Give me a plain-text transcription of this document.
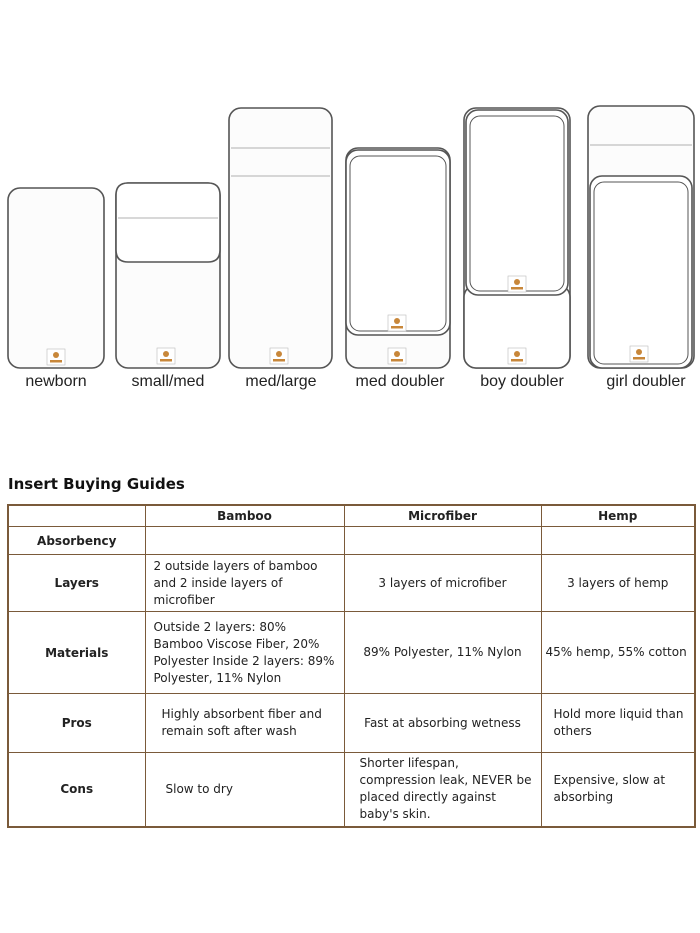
newborn	small/med	med/large med doubler boy doubler	girl doubler
Insert Buying Guides
	Bamboo	Microfiber	Hemp
Absorbency			
Layers	2 outside layers of bamboo and 2 inside layers of microfiber	3 layers of microfiber	3 layers of hemp
Materials	Outside 2 layers: 80% Bamboo Viscose Fiber, 20% Polyester Inside 2 layers: 89% Polyester, 11% Nylon	89% Polyester, 11% Nylon	45% hemp, 55% cotton
Pros	Highly absorbent fiber and remain soft after wash	Fast at absorbing wetness	Hold more liquid than others
Cons	Slow to dry	Shorter lifespan, compression leak, NEVER be placed directly against baby's skin.	Expensive, slow at absorbing
